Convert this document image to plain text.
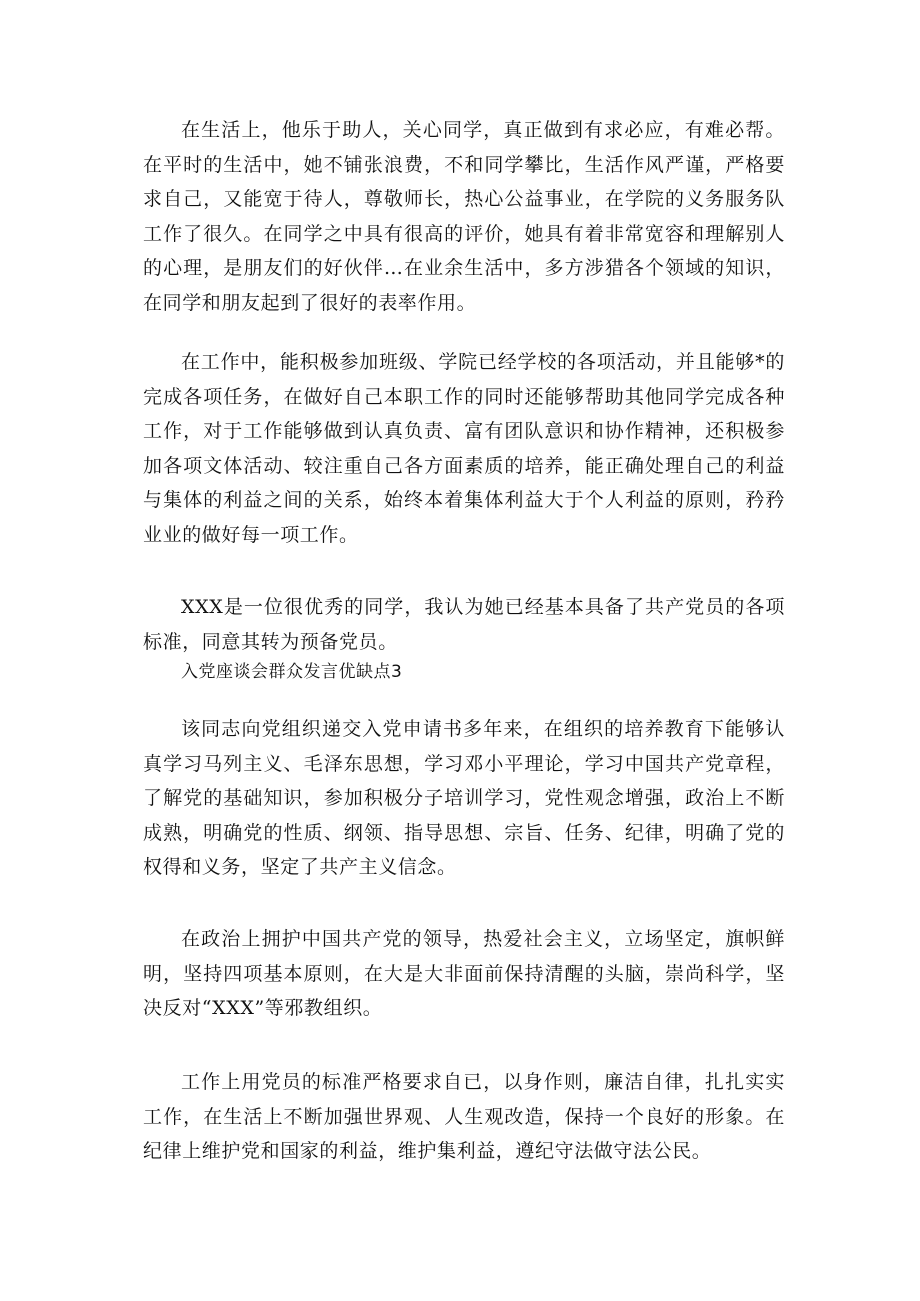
在生活上，他乐于助人，关心同学，真正做到有求必应，有难必帮。在平时的生活中，她不铺张浪费，不和同学攀比，生活作风严谨，严格要求自己，又能宽于待人，尊敬师长，热心公益事业，在学院的义务服务队工作了很久。在同学之中具有很高的评价，她具有着非常宽容和理解别人的心理，是朋友们的好伙伴…在业余生活中，多方涉猎各个领域的知识，在同学和朋友起到了很好的表率作用。

在工作中，能积极参加班级、学院已经学校的各项活动，并且能够*的完成各项任务，在做好自己本职工作的同时还能够帮助其他同学完成各种工作，对于工作能够做到认真负责、富有团队意识和协作精神，还积极参加各项文体活动、较注重自己各方面素质的培养，能正确处理自己的利益与集体的利益之间的关系，始终本着集体利益大于个人利益的原则，矜矜业业的做好每一项工作。

XXX是一位很优秀的同学，我认为她已经基本具备了共产党员的各项标准，同意其转为预备党员。

入党座谈会群众发言优缺点3

该同志向党组织递交入党申请书多年来，在组织的培养教育下能够认真学习马列主义、毛泽东思想，学习邓小平理论，学习中国共产党章程，了解党的基础知识，参加积极分子培训学习，党性观念增强，政治上不断成熟，明确党的性质、纲领、指导思想、宗旨、任务、纪律，明确了党的权得和义务，坚定了共产主义信念。

在政治上拥护中国共产党的领导，热爱社会主义，立场坚定，旗帜鲜明，坚持四项基本原则，在大是大非面前保持清醒的头脑，崇尚科学，坚决反对“XXX”等邪教组织。

工作上用党员的标准严格要求自已，以身作则，廉洁自律，扎扎实实工作，在生活上不断加强世界观、人生观改造，保持一个良好的形象。在纪律上维护党和国家的利益，维护集利益，遵纪守法做守法公民。
